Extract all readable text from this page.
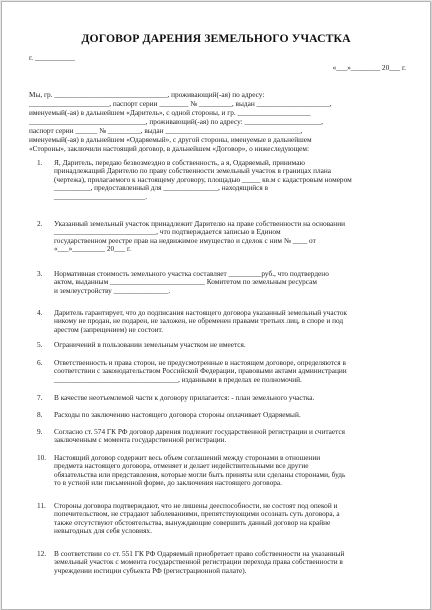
ДОГОВОР ДАРЕНИЯ ЗЕМЕЛЬНОГО УЧАСТКА
г. ___________
«___»________ 20___ г.
Мы, гр. _______________________________, проживающий(-ая) по адресу:
______________________, паспорт серии ________ № _________, выдан ____________________,
именуемый(-ая) в дальнейшем «Даритель», с одной стороны, и гр. ____________________
________________________________, проживающий(-ая) по адресу: _____________________,
паспорт серии ______ № _________, выдан _____________________________________,
именуемый(-ая) в дальнейшем «Одаряемый», с другой стороны, именуемые в дальнейшем
«Стороны», заключили настоящий договор, в дальнейшем «Договор», о нижеследующем:
1. Я, Даритель, передаю безвозмездно в собственность, а я, Одаряемый, принимаю
принадлежащий Дарителю по праву собственности земельный участок в границах плана
(чертежа), прилагаемого к настоящему договору, площадью _____ кв.м с кадастровым номером
__________, предоставленный для _______________, находящийся в
_________________________.
2. Указанный земельный участок принадлежит Дарителю на праве собственности на основании
____________________________, что подтверждается записью в Едином
государственном реестре прав на недвижимое имущество и сделок с ним № ____ от
«___»_________ 20___ г.
3. Нормативная стоимость земельного участка составляет _________руб., что подтвердено
актом, выданным __________________________ Комитетом по земельным ресурсам
и землеустройству _______________.
4. Даритель гарантирует, что до подписания настоящего договора указанный земельный участок
никому не продан, не подарен, не заложен, не обременен правами третьих лиц, в споре и под
арестом (запрещением) не состоит.
5. Ограничений в пользовании земельным участком не имеется.
6. Ответственность и права сторон, не предусмотренные в настоящем договоре, определяются в
соответствии с законодательством Российской Федерации, правовыми актами администрации
__________________________________, изданными в пределах ее полномочий.
7. В качестве неотъемлемой части к договору прилагается: - план земельного участка.
8. Расходы по заключению настоящего договора стороны оплачивает Одаряемый.
9. Согласно ст. 574 ГК РФ договор дарения подлежит государственной регистрации и считается
заключенным с момента государственной регистрации.
10. Настоящий договор содержит весь объем соглашений между сторонами в отношении
предмета настоящего договора, отменяет и делает недействительными все другие
обязательства или представления, которые могли быть приняты или сделаны сторонами, будь
то в устной или письменной форме, до заключения настоящего договора.
11. Стороны договора подтверждают, что не лишены дееспособности, не состоят под опекой и
попечительством, не страдают заболеваниями, препятствующими осознать суть договора, а
также отсутствуют обстоятельства, вынуждающие совершить данный договор на крайне
невыгодных для себя условиях.
12. В соответствии со ст. 551 ГК РФ Одаряемый приобретает право собственности на указанный
земельный участок с момента государственной регистрации перехода права собственности в
учреждении юстиции субъекта РФ (регистрационной палате).
